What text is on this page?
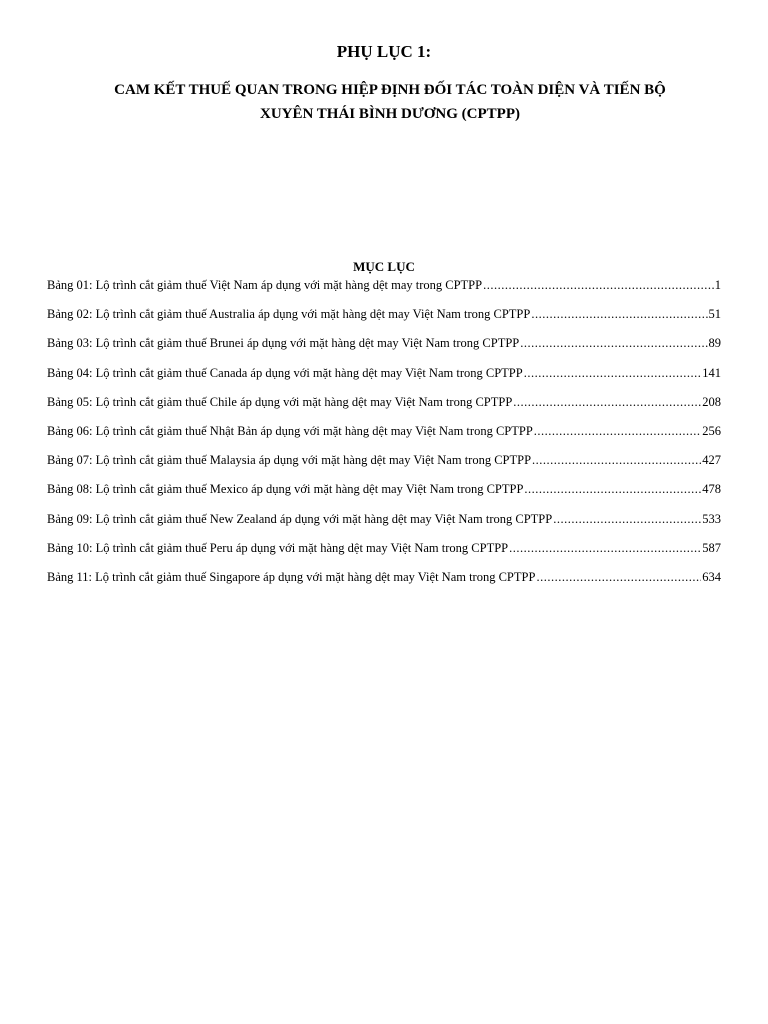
PHỤ LỤC 1:
CAM KẾT THUẾ QUAN TRONG HIỆP ĐỊNH ĐỐI TÁC TOÀN DIỆN VÀ TIẾN BỘ
XUYÊN THÁI BÌNH DƯƠNG (CPTPP)
MỤC LỤC
Bảng 01: Lộ trình cắt giảm thuế Việt Nam áp dụng với mặt hàng dệt may trong CPTPP .....	1
Bảng 02: Lộ trình cắt giảm thuế Australia áp dụng với mặt hàng dệt may Việt Nam trong CPTPP .....	51
Bảng 03: Lộ trình cắt giảm thuế Brunei áp dụng với mặt hàng dệt may Việt Nam trong CPTPP .....	89
Bảng 04: Lộ trình cắt giảm thuế Canada áp dụng với mặt hàng dệt may Việt Nam trong CPTPP .....	141
Bảng 05: Lộ trình cắt giảm thuế Chile áp dụng với mặt hàng dệt may Việt Nam trong CPTPP .....	208
Bảng 06: Lộ trình cắt giảm thuế Nhật Bản áp dụng với mặt hàng dệt may Việt Nam trong CPTPP .....	256
Bảng 07: Lộ trình cắt giảm thuế Malaysia áp dụng với mặt hàng dệt may Việt Nam trong CPTPP .....	427
Bảng 08: Lộ trình cắt giảm thuế Mexico áp dụng với mặt hàng dệt may Việt Nam trong CPTPP .....	478
Bảng 09: Lộ trình cắt giảm thuế New Zealand áp dụng với mặt hàng dệt may Việt Nam trong CPTPP .....	533
Bảng 10: Lộ trình cắt giảm thuế Peru áp dụng với mặt hàng dệt may Việt Nam trong CPTPP .....	587
Bảng 11: Lộ trình cắt giảm thuế Singapore áp dụng với mặt hàng dệt may Việt Nam trong CPTPP .....	634
